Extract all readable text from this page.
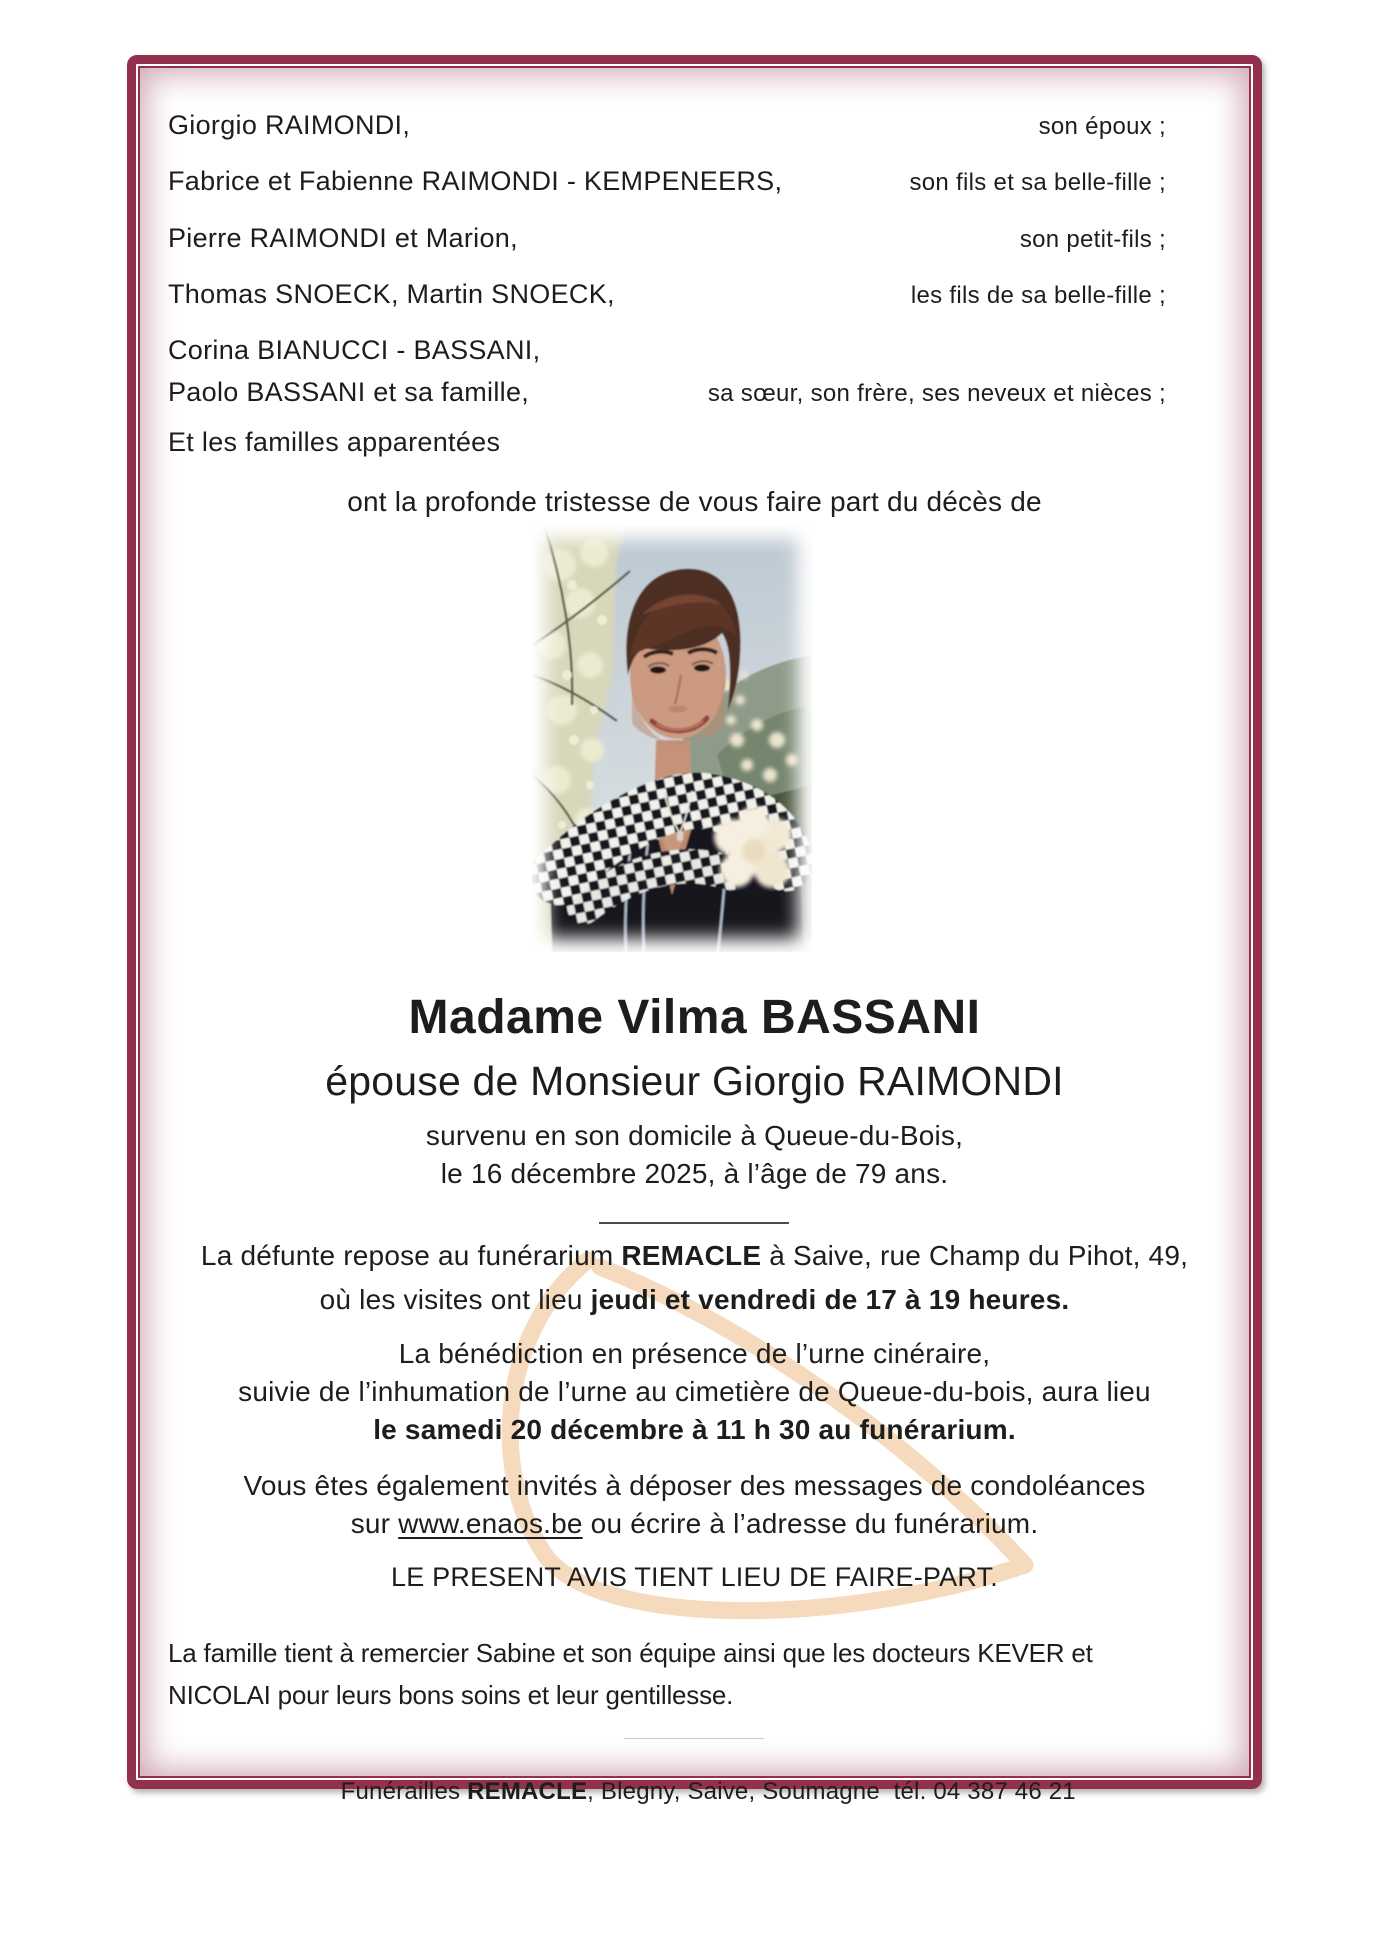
Giorgio RAIMONDI,	son époux ;
Fabrice et Fabienne RAIMONDI - KEMPENEERS,	son fils et sa belle-fille ;
Pierre RAIMONDI et Marion,	son petit-fils ;
Thomas SNOECK, Martin SNOECK,	les fils de sa belle-fille ;
Corina BIANUCCI - BASSANI,
Paolo BASSANI et sa famille,	sa sœur, son frère, ses neveux et nièces ;
Et les familles apparentées
ont la profonde tristesse de vous faire part du décès de
Madame Vilma BASSANI
épouse de Monsieur Giorgio RAIMONDI
survenu en son domicile à Queue-du-Bois,
le 16 décembre 2025, à l’âge de 79 ans.
La défunte repose au funérarium REMACLE à Saive, rue Champ du Pihot, 49,
où les visites ont lieu jeudi et vendredi de 17 à 19 heures.
La bénédiction en présence de l’urne cinéraire,
suivie de l’inhumation de l’urne au cimetière de Queue-du-bois, aura lieu
le samedi 20 décembre à 11 h 30 au funérarium.
Vous êtes également invités à déposer des messages de condoléances
sur www.enaos.be ou écrire à l’adresse du funérarium.
LE PRESENT AVIS TIENT LIEU DE FAIRE-PART.
La famille tient à remercier Sabine et son équipe ainsi que les docteurs KEVER et
NICOLAI pour leurs bons soins et leur gentillesse.

Funérailles REMACLE, Blegny, Saive, Soumagne  tél. 04 387 46 21
